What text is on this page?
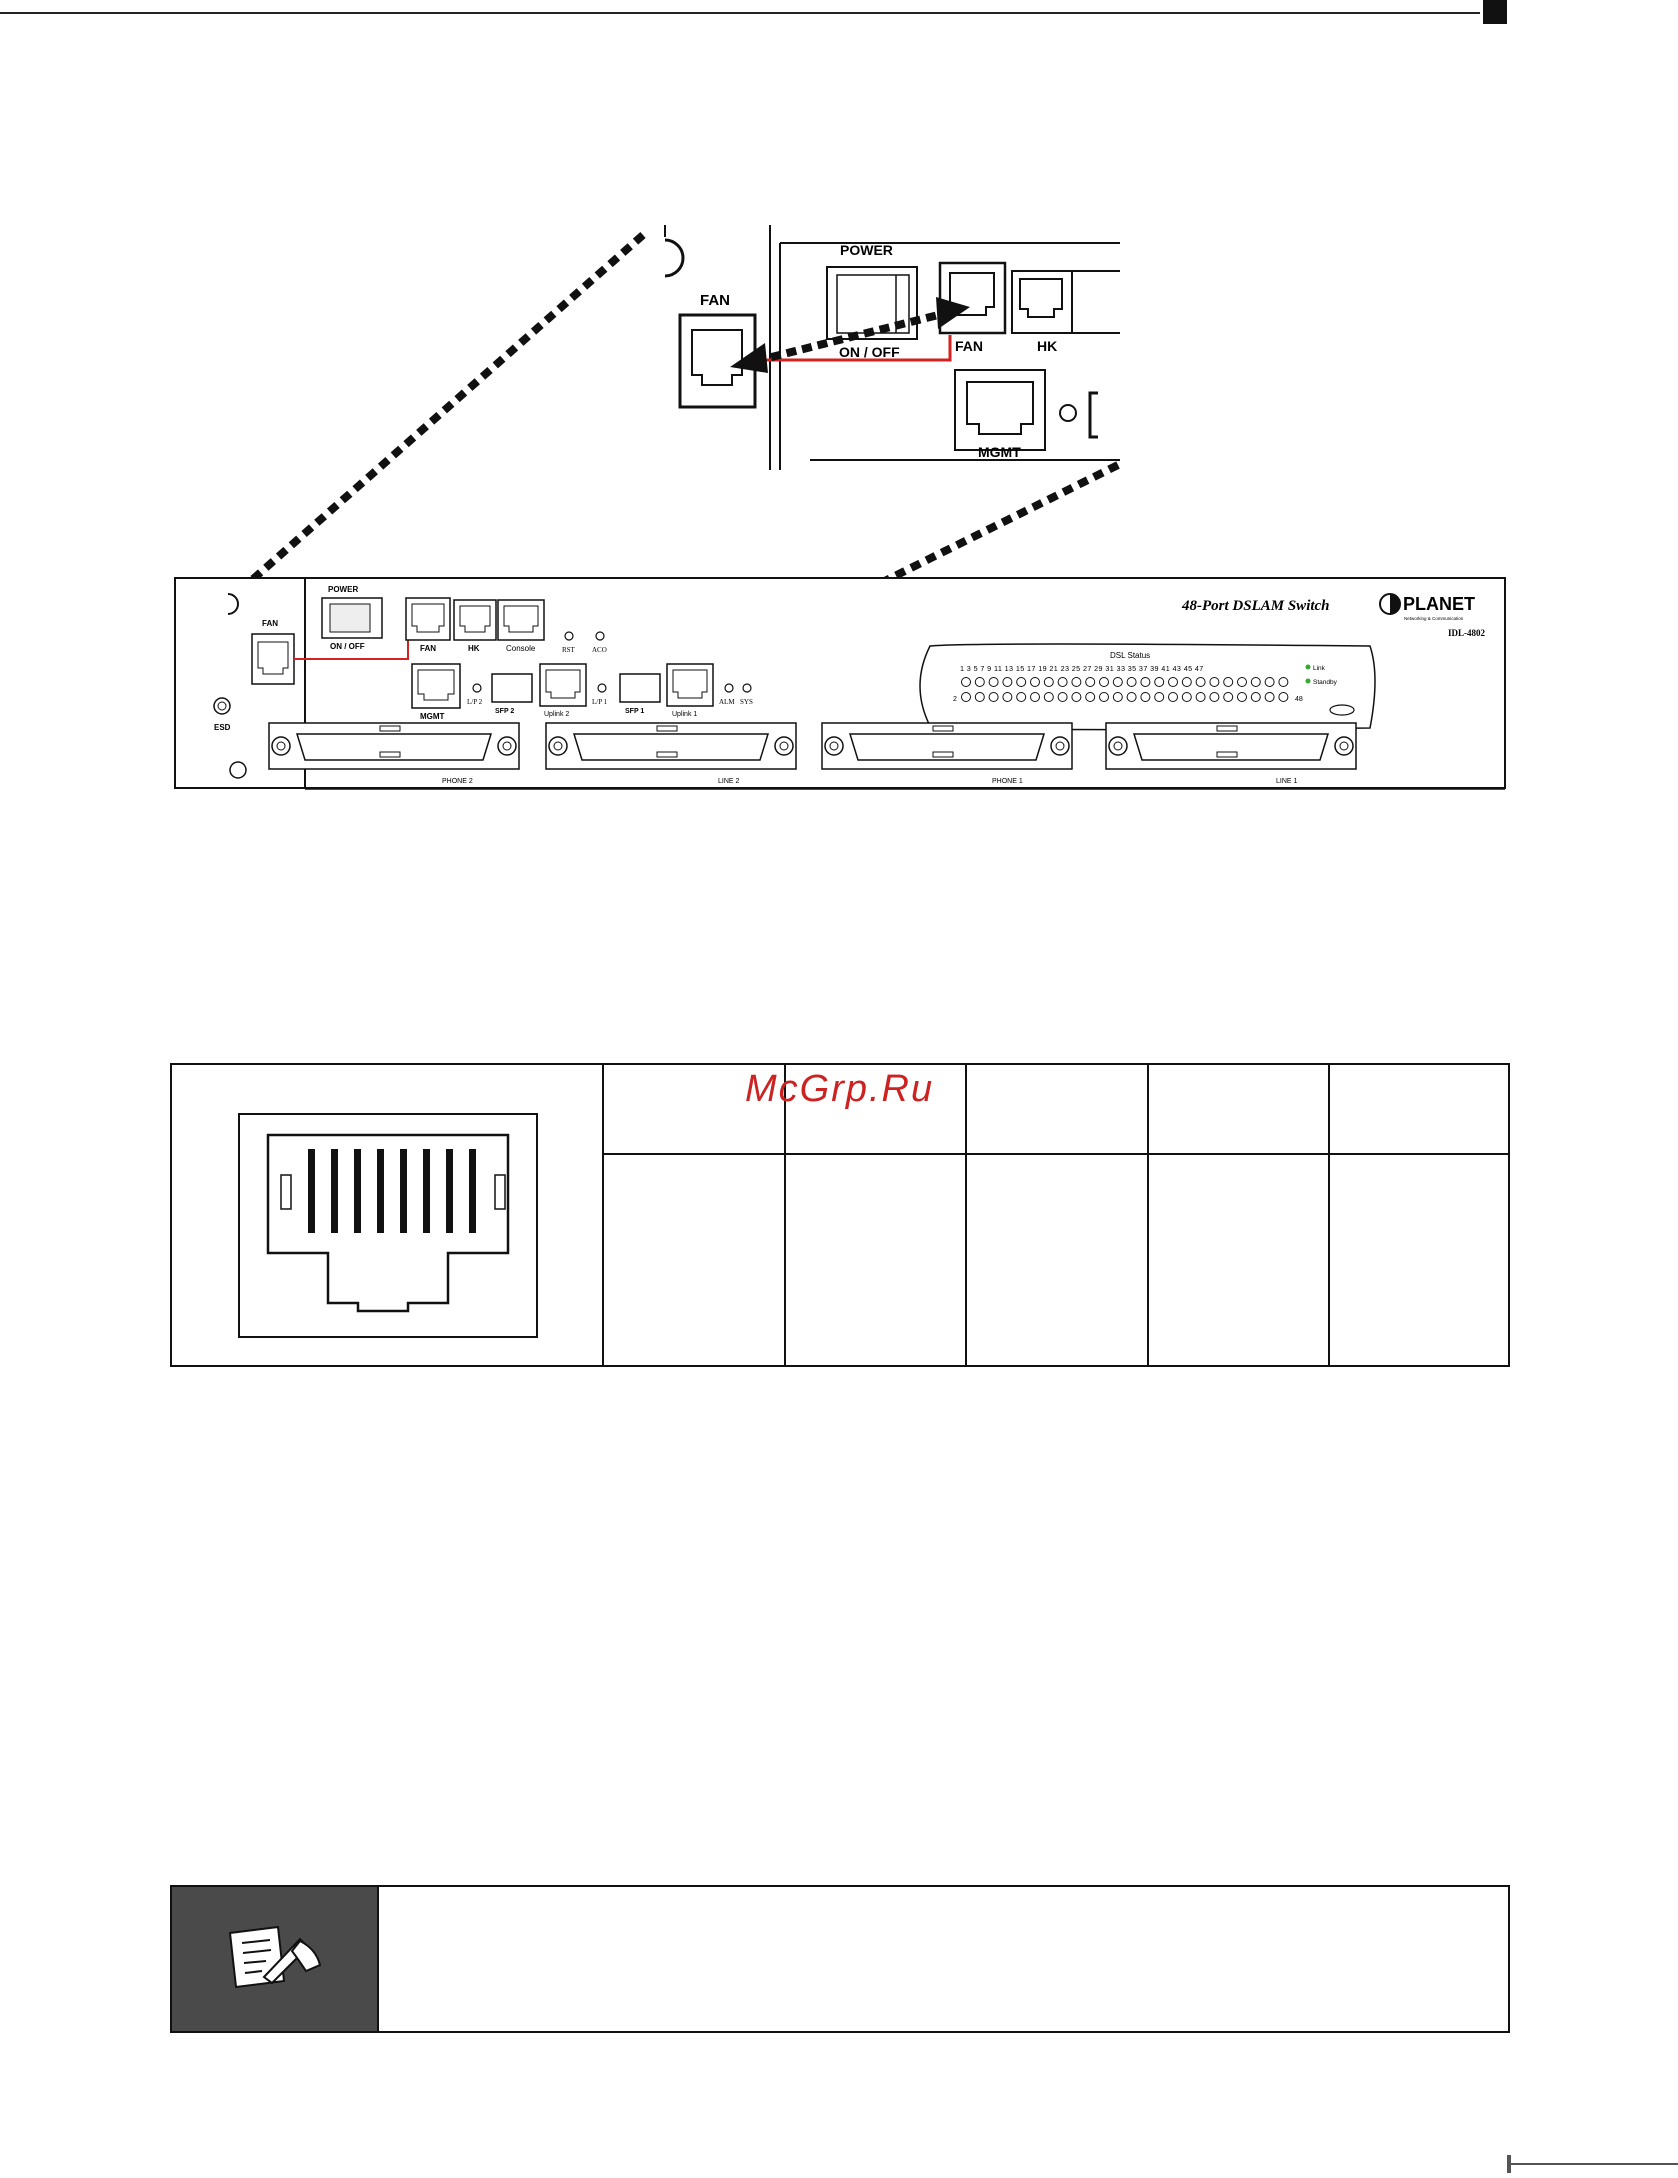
FAN
POWER
ON / OFF	FAN	HK
MGMT
FAN
ESD
POWER
ON / OFF	FAN	HK	Console	RST ACO
MGMT
L/P 2
SFP 2	Uplink 2
L/P 1
SFP 1	Uplink 1
ALM SYS
48-Port DSLAM Switch	PLANET
Networking & Communication
IDL-4802
DSL Status
1 3 5 7 9 11 13 15 17 19 21 23 25 27 29 31 33 35 37 39 41 43 45 47
2	48
Link
Standby
PHONE 2	LINE 2	PHONE 1	LINE 1
McGrp.Ru
